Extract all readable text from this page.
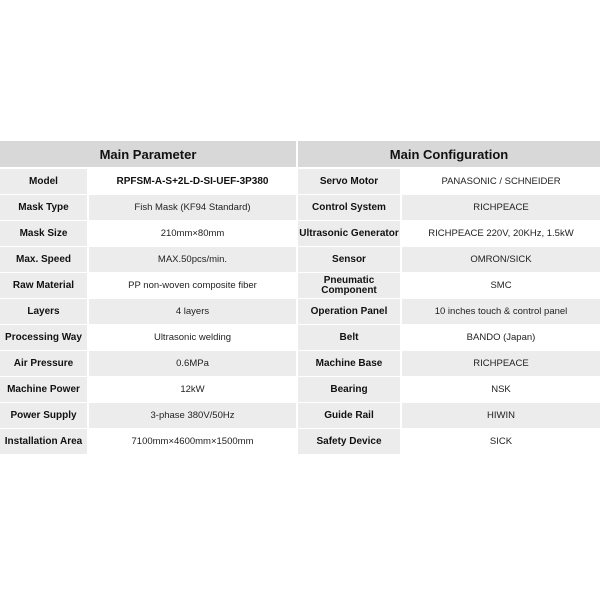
Main Parameter	Main Configuration
Model	RPFSM-A-S+2L-D-SI-UEF-3P380	Servo Motor	PANASONIC / SCHNEIDER
Mask Type	Fish Mask (KF94 Standard)	Control System	RICHPEACE
Mask Size	210mm×80mm	Ultrasonic Generator	RICHPEACE 220V, 20KHz, 1.5kW
Max. Speed	MAX.50pcs/min.	Sensor	OMRON/SICK
Raw Material	PP non-woven composite fiber	Pneumatic Component	SMC
Layers	4 layers	Operation Panel	10 inches touch & control panel
Processing Way	Ultrasonic welding	Belt	BANDO (Japan)
Air Pressure	0.6MPa	Machine Base	RICHPEACE
Machine Power	12kW	Bearing	NSK
Power Supply	3-phase 380V/50Hz	Guide Rail	HIWIN
Installation Area	7100mm×4600mm×1500mm	Safety Device	SICK
